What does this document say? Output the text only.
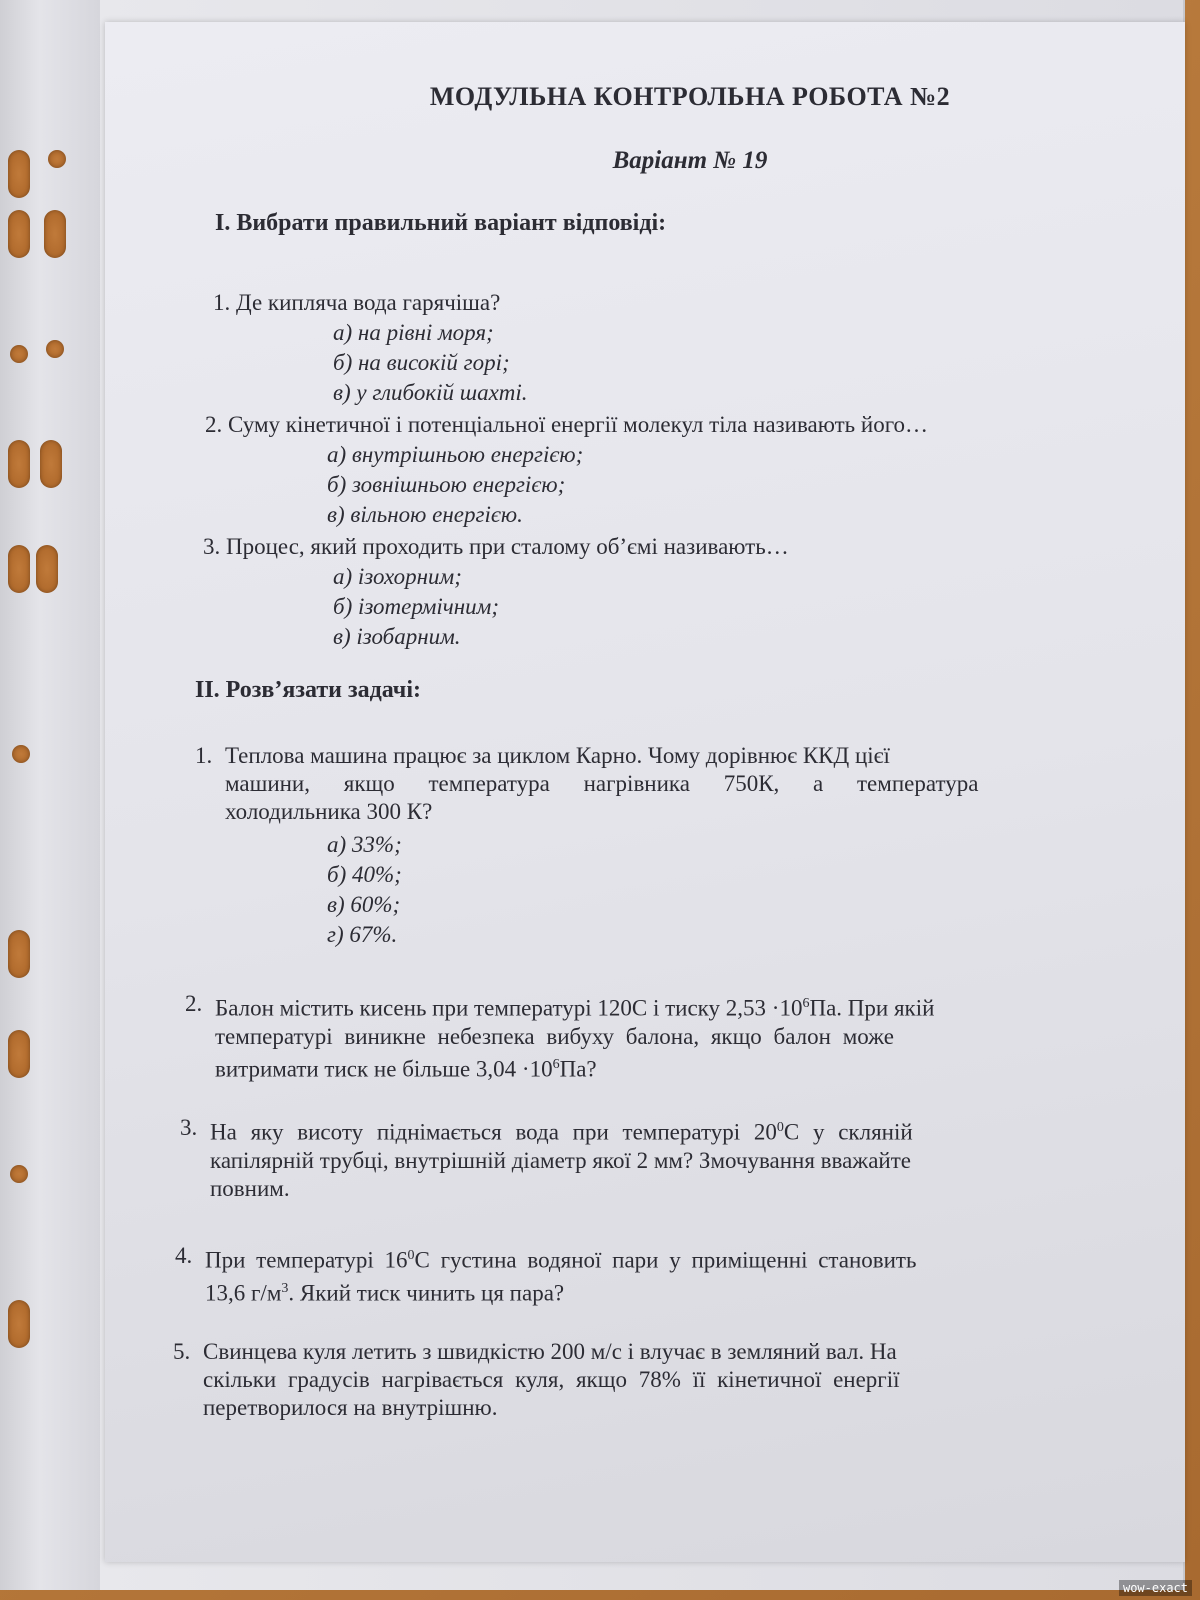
МОДУЛЬНА КОНТРОЛЬНА РОБОТА №2
Варіант № 19
I. Вибрати правильний варіант відповіді:
1. Де кипляча вода гарячіша?
а) на рівні моря;
б) на високій горі;
в) у глибокій шахті.
2. Суму кінетичної і потенціальної енергії молекул тіла називають його…
а) внутрішньою енергією;
б) зовнішньою енергією;
в) вільною енергією.
3. Процес, який проходить при сталому об’ємі називають…
а) ізохорним;
б) ізотермічним;
в) ізобарним.
II. Розв’язати задачі:
1. Теплова машина працює за циклом Карно. Чому дорівнює ККД цієї
машини, якщо температура нагрівника 750К, а температура
холодильника 300 К?
а) 33%;
б) 40%;
в) 60%;
г) 67%.
2. Балон містить кисень при температурі 120С і тиску $2,53 \cdot 10^6Па$. При якій
температурі виникне небезпека вибуху балона, якщо балон може
витримати тиск не більше $3,04 \cdot 10^6Па$?
3. На яку висоту піднімається вода при температурі $20^0С$ у скляній
капілярній трубці, внутрішній діаметр якої 2 мм? Змочування вважайте
повним.
4. При температурі $16^0С$ густина водяної пари у приміщенні становить
13,6 $г/м^3$. Який тиск чинить ця пара?
5. Свинцева куля летить з швидкістю 200 м/с і влучає в земляний вал. На
скільки градусів нагрівається куля, якщо 78% її кінетичної енергії
перетворилося на внутрішню.
wow-exact
